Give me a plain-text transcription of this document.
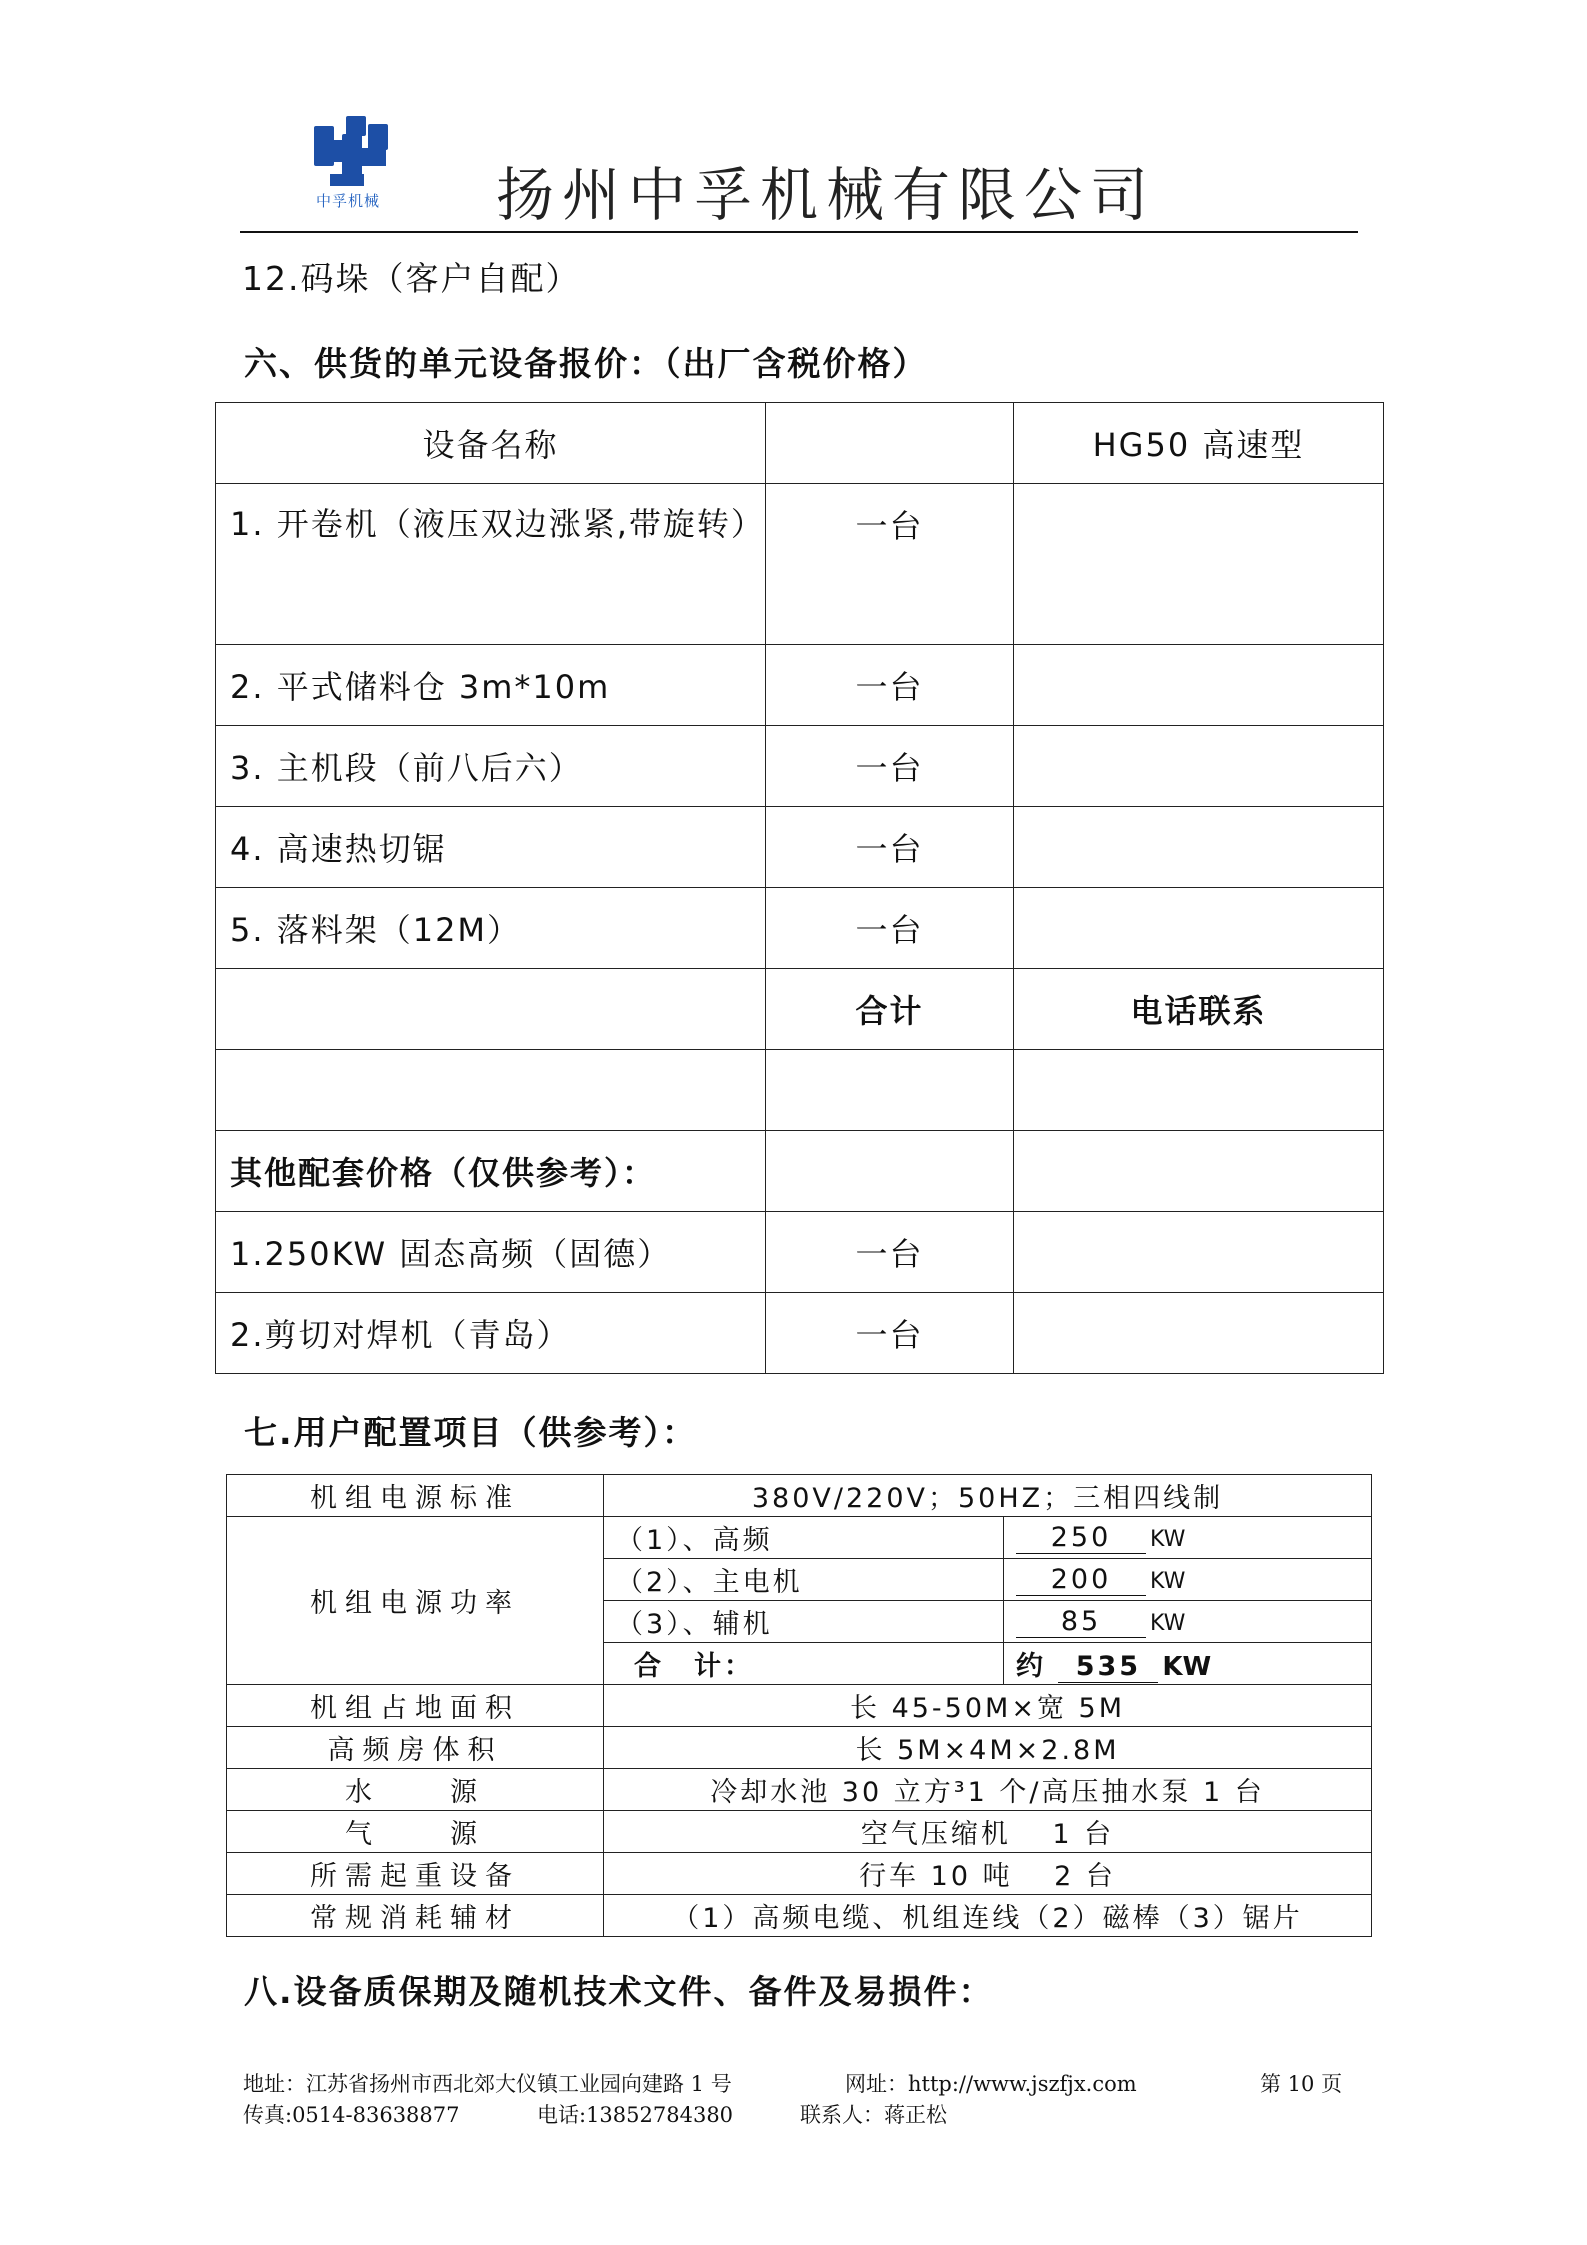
中孚机械 扬州中孚机械有限公司
12.码垛（客户自配）
六、供货的单元设备报价：（出厂含税价格）
设备名称		HG50 高速型
1. 开卷机（液压双边涨紧,带旋转）	一台	
2. 平式储料仓 3m*10m	一台	
3. 主机段（前八后六）	一台	
4. 高速热切锯	一台	
5. 落料架（12M）	一台	
	合计	电话联系

其他配套价格（仅供参考）：		
1.250KW 固态高频（固德）	一台	
2.剪切对焊机（青岛）	一台	
七.用户配置项目（供参考）：
机组电源标准	380V/220V；50HZ；三相四线制	
机组电源功率	（1）、高频	250 KW
	（2）、主电机	200 KW
	（3）、辅机	85 KW
	合　计：	约 535 KW
机组占地面积	长 45-50M×宽 5M	
高频房体积	长 5M×4M×2.8M	
水　　源	冷却水池 30 立方³1 个/高压抽水泵 1 台	
气　　源	空气压缩机　 1 台	
所需起重设备	行车 10 吨　 2 台	
常规消耗辅材	（1）高频电缆、机组连线（2）磁棒（3）锯片	
八.设备质保期及随机技术文件、备件及易损件：
地址：江苏省扬州市西北郊大仪镇工业园向建路 1 号	网址：http://www.jszfjx.com	第 10 页
传真:0514-83638877	电话:13852784380	联系人：蒋正松
